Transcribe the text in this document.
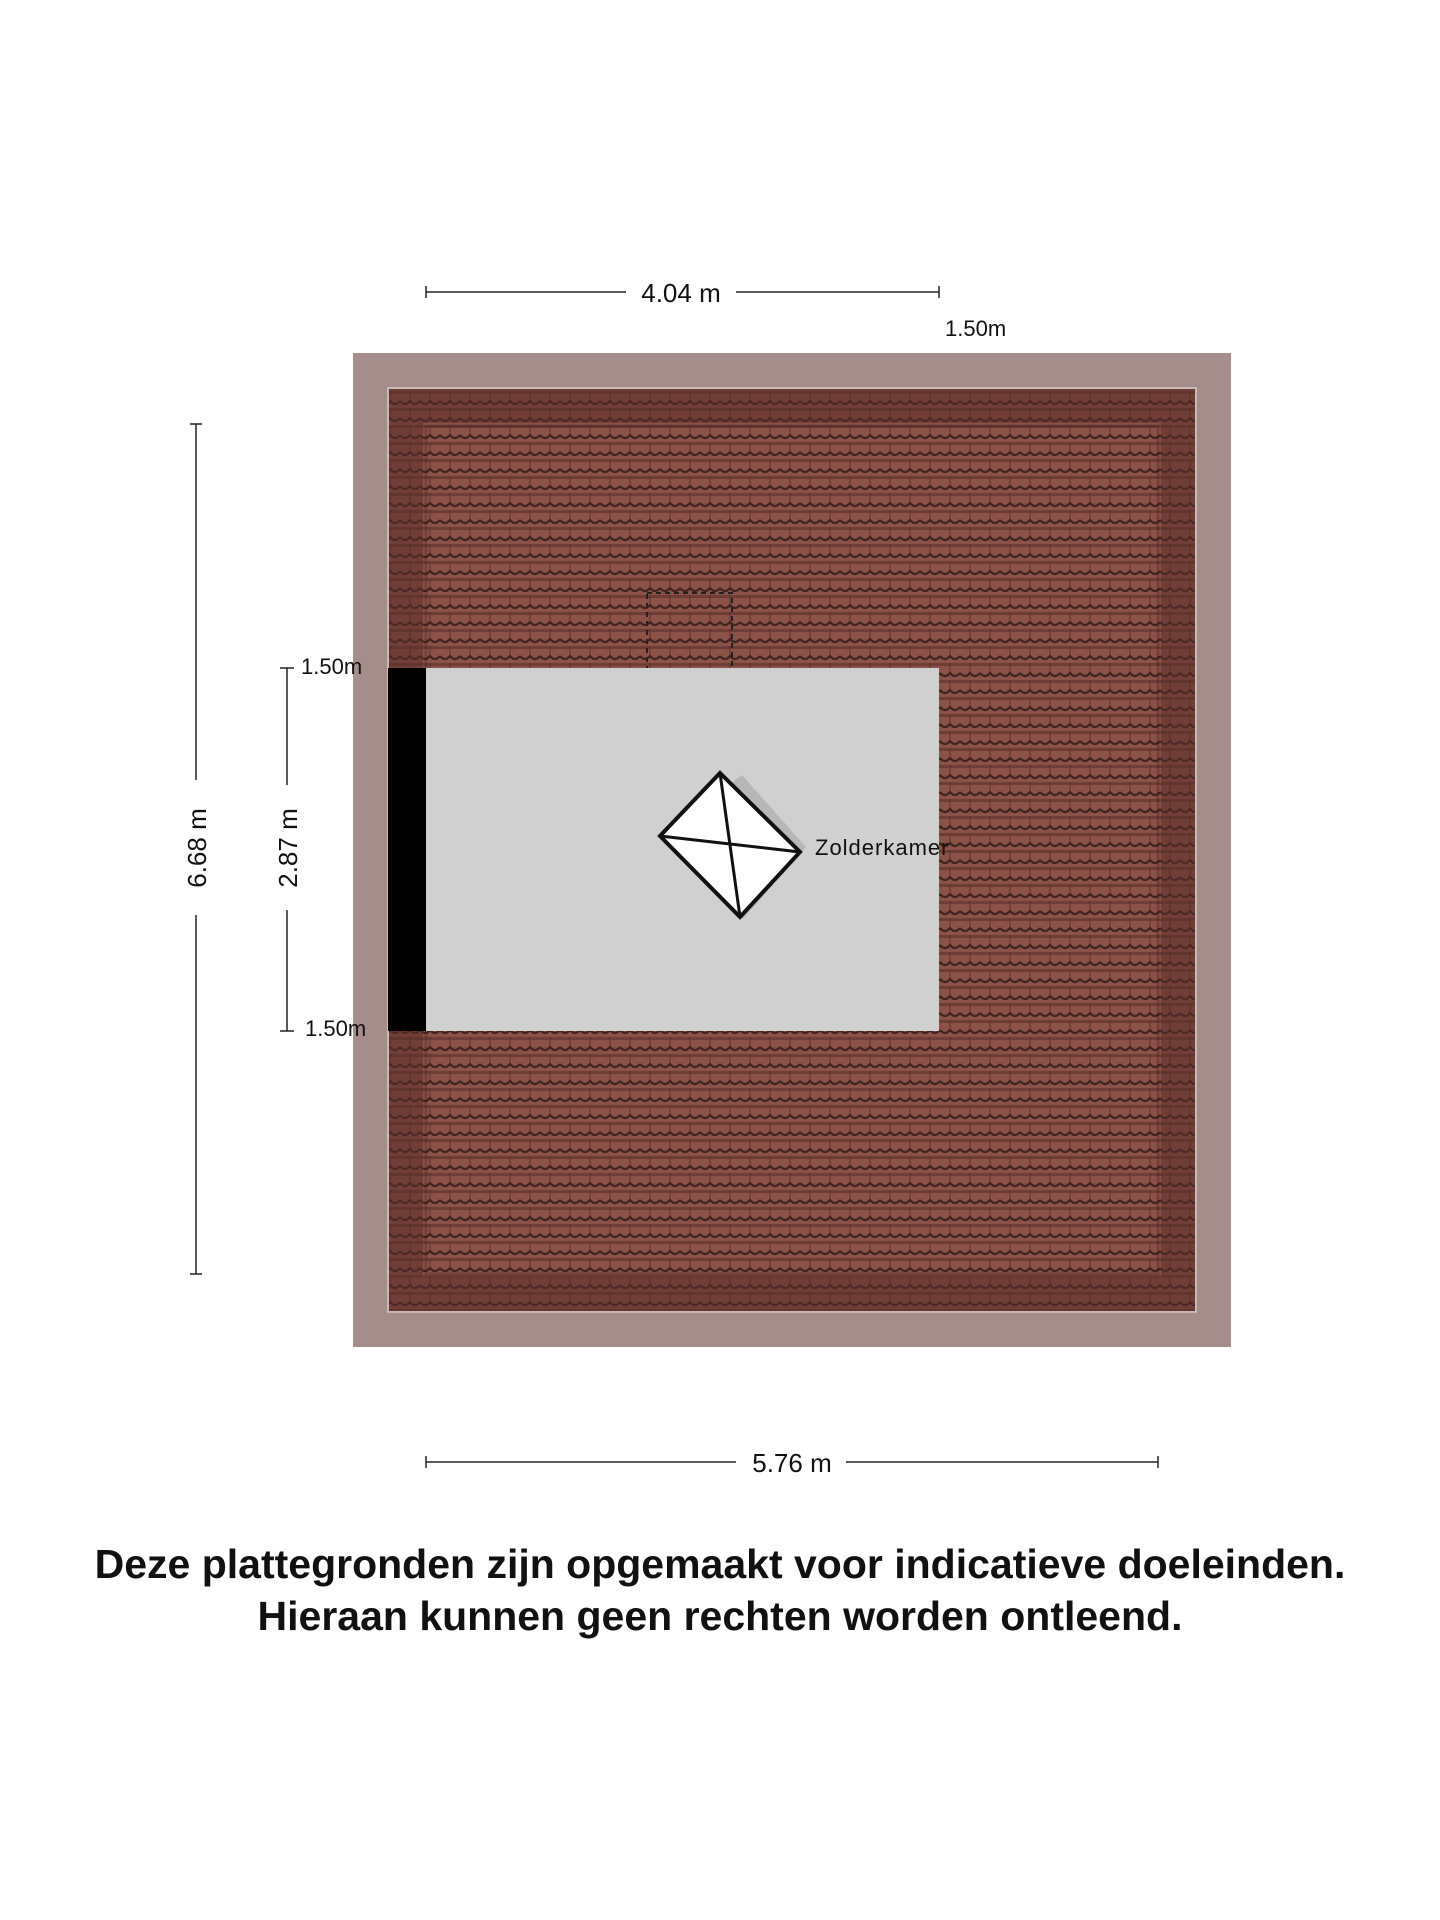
Zolderkamer
4.04 m
1.50m
6.68 m 2.87 m
1.50m
1.50m
5.76 m
Deze plattegronden zijn opgemaakt voor indicatieve doeleinden.
Hieraan kunnen geen rechten worden ontleend.
